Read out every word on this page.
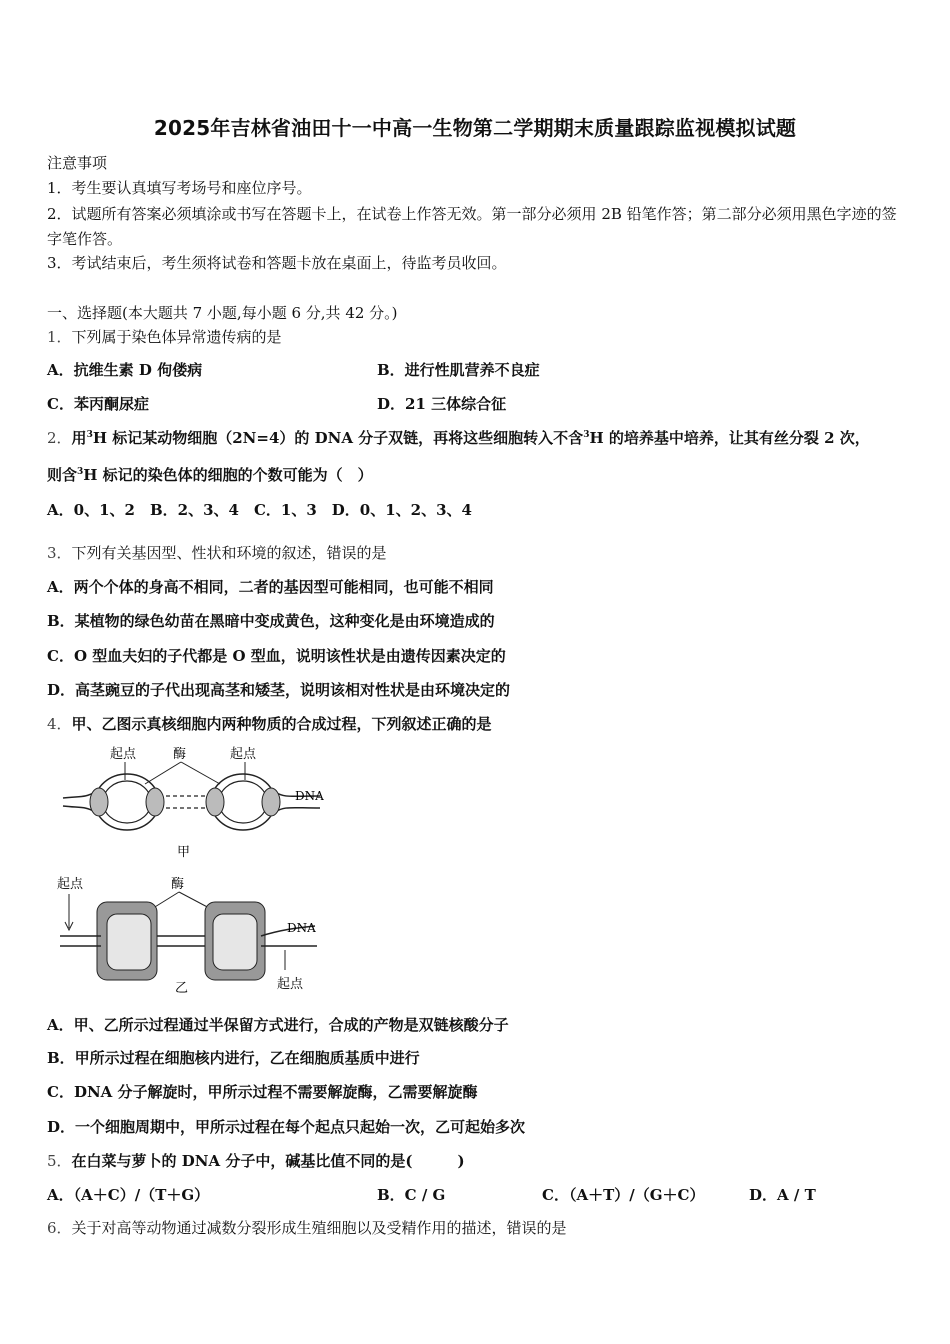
2025年吉林省油田十一中高一生物第二学期期末质量跟踪监视模拟试题
注意事项
1．考生要认真填写考场号和座位序号。
2．试题所有答案必须填涂或书写在答题卡上，在试卷上作答无效。第一部分必须用 2B 铅笔作答；第二部分必须用黑色字迹的签字笔作答。
3．考试结束后，考生须将试卷和答题卡放在桌面上，待监考员收回。
一、选择题(本大题共 7 小题,每小题 6 分,共 42 分。)
1．下列属于染色体异常遗传病的是
A．抗维生素 D 佝偻病	B．进行性肌营养不良症
C．苯丙酮尿症	D．21 三体综合征
2．用$^3$H 标记某动物细胞（2N=4）的 DNA 分子双链，再将这些细胞转入不含$^3$H 的培养基中培养，让其有丝分裂 2 次，
则含$^3$H 标记的染色体的细胞的个数可能为（　）
A．0、1、2　B．2、3、4　C．1、3　D．0、1、2、3、4
3．下列有关基因型、性状和环境的叙述，错误的是
A．两个个体的身高不相同，二者的基因型可能相同，也可能不相同
B．某植物的绿色幼苗在黑暗中变成黄色，这种变化是由环境造成的
C．O 型血夫妇的子代都是 O 型血，说明该性状是由遗传因素决定的
D．高茎豌豆的子代出现高茎和矮茎，说明该相对性状是由环境决定的
4．甲、乙图示真核细胞内两种物质的合成过程，下列叙述正确的是
起点	酶	起点
DNA
甲
起点	酶
DNA
起点
乙
A．甲、乙所示过程通过半保留方式进行，合成的产物是双链核酸分子
B．甲所示过程在细胞核内进行，乙在细胞质基质中进行
C．DNA 分子解旋时，甲所示过程不需要解旋酶，乙需要解旋酶
D．一个细胞周期中，甲所示过程在每个起点只起始一次，乙可起始多次
5．在白菜与萝卜的 DNA 分子中，碱基比值不同的是(　　　)
A．（A＋C）/（T＋G）	B．C / G	C．（A＋T）/（G＋C）	D．A / T
6．关于对高等动物通过减数分裂形成生殖细胞以及受精作用的描述，错误的是
